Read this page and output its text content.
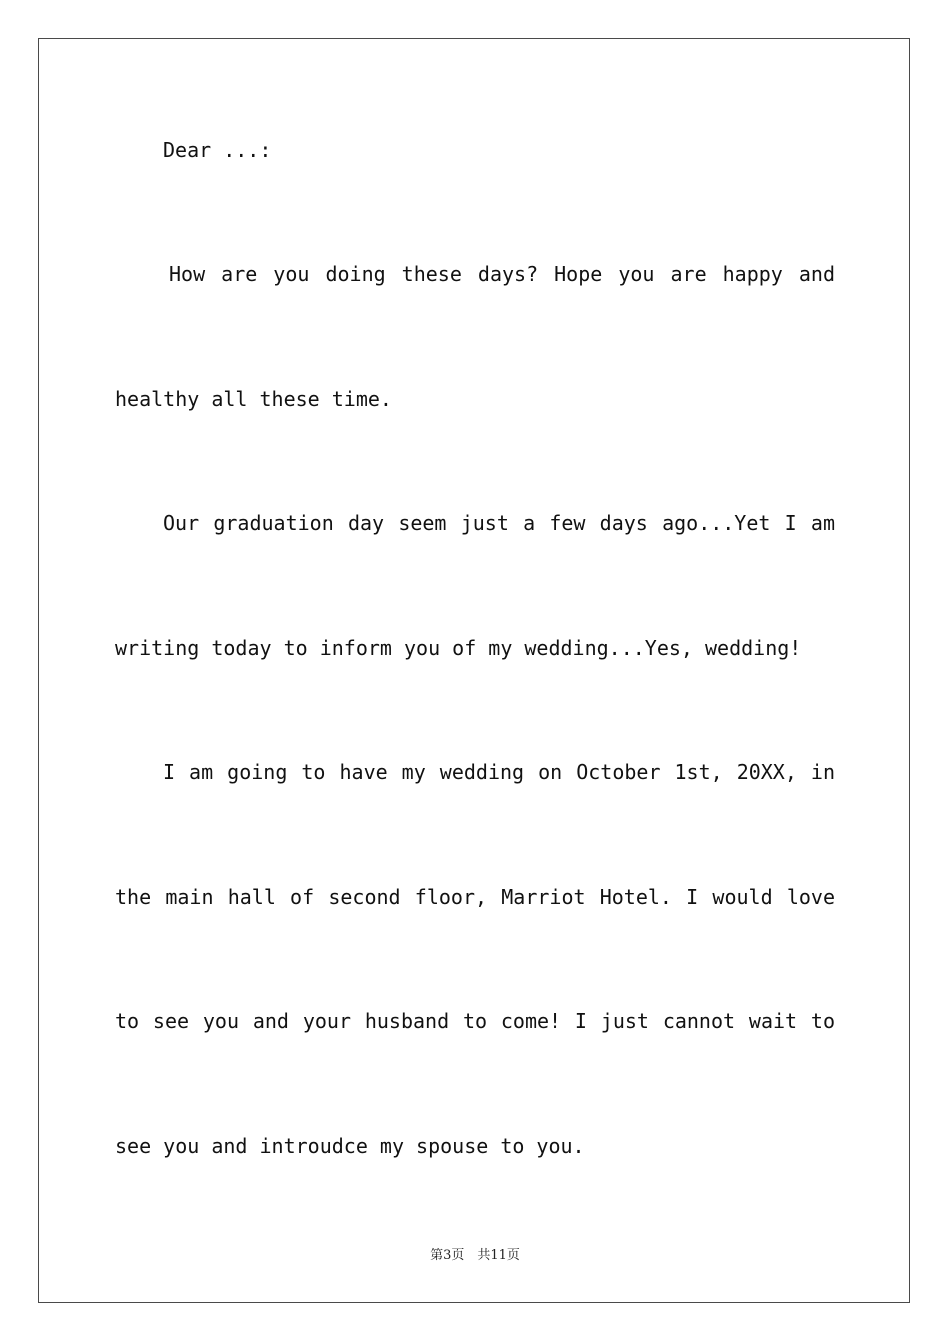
Dear ...:
How are you doing these days? Hope you are happy and
healthy all these time.
Our graduation day seem just a few days ago...Yet I am
writing today to inform you of my wedding...Yes, wedding!
I am going to have my wedding on October 1st, 20XX, in
the main hall of second floor, Marriot Hotel. I would love
to see you and your husband to come! I just cannot wait to
see you and introudce my spouse to you.
第3页　共11页
